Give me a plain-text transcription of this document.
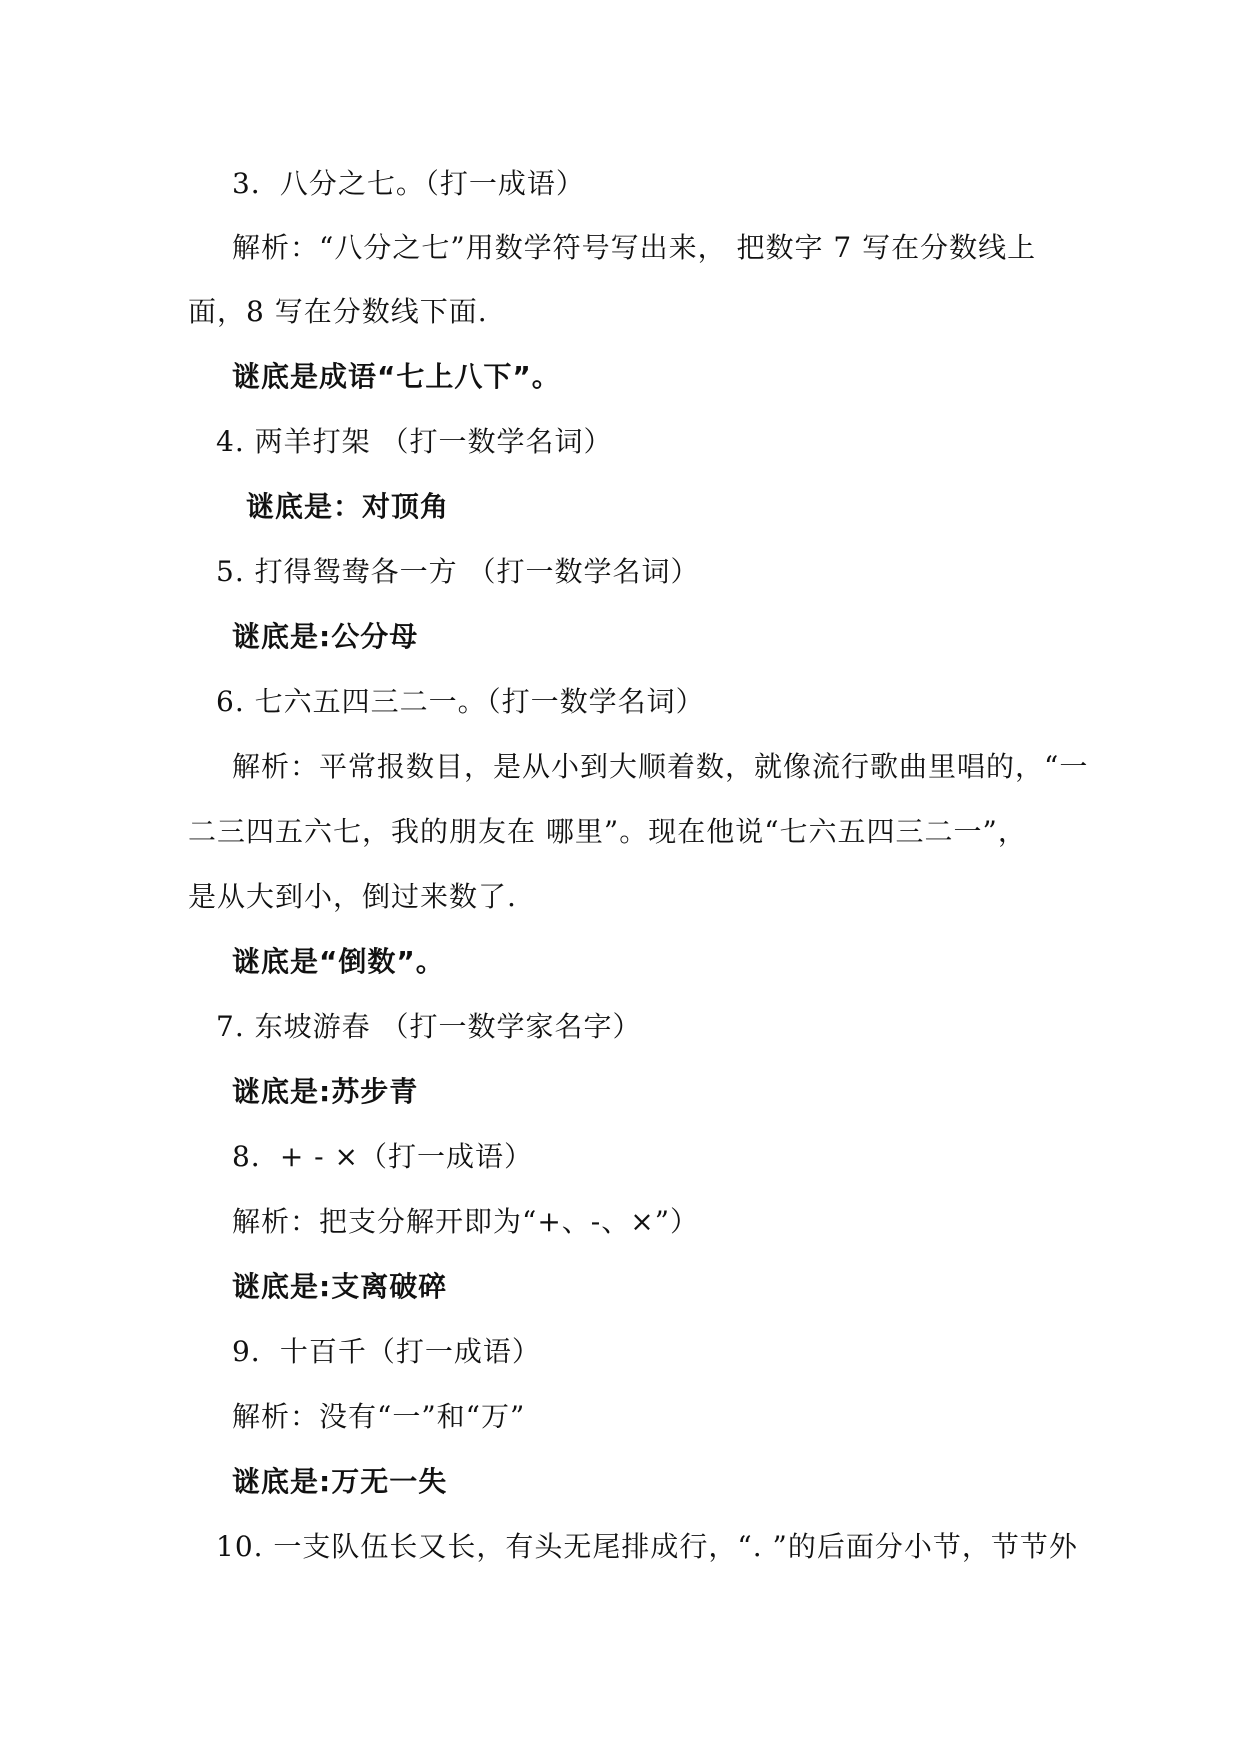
3．八分之七。（打一成语）
解析：“八分之七”用数学符号写出来， 把数字 7 写在分数线上
面，8 写在分数线下面.
谜底是成语“七上八下”。
4. 两羊打架 （打一数学名词）
谜底是：对顶角
5. 打得鸳鸯各一方 （打一数学名词）
谜底是:公分母
6. 七六五四三二一。（打一数学名词）
解析：平常报数目，是从小到大顺着数，就像流行歌曲里唱的，“一
二三四五六七，我的朋友在 哪里”。现在他说“七六五四三二一”，
是从大到小，倒过来数了.
谜底是“倒数”。
7. 东坡游春 （打一数学家名字）
谜底是:苏步青
8．+ - ×（打一成语）
解析：把支分解开即为“+、-、×”）
谜底是:支离破碎
9．十百千（打一成语）
解析：没有“一”和“万”
谜底是:万无一失
10. 一支队伍长又长，有头无尾排成行，“. ”的后面分小节，节节外
